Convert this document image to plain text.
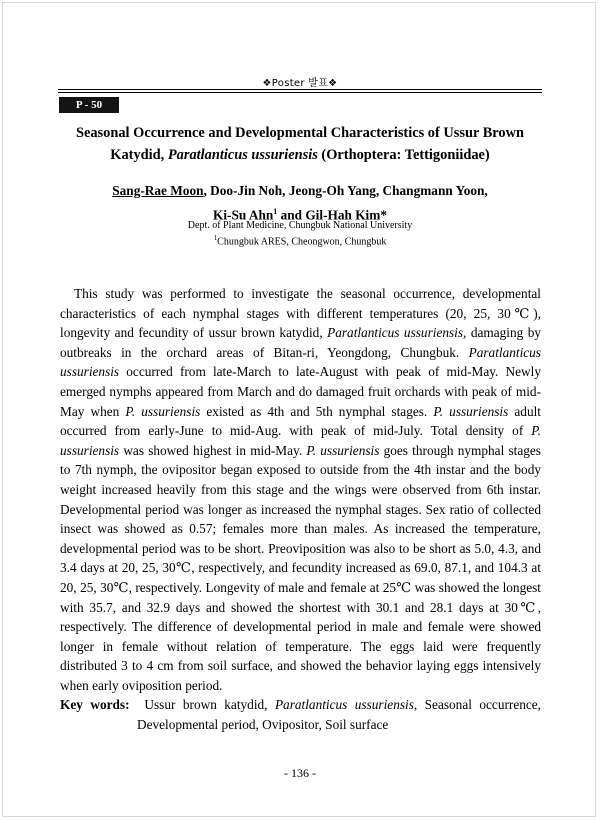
❖Poster 발표❖
P - 50
Seasonal Occurrence and Developmental Characteristics of Ussur Brown
Katydid, Paratlanticus ussuriensis (Orthoptera: Tettigoniidae)
Sang-Rae Moon, Doo-Jin Noh, Jeong-Oh Yang, Changmann Yoon,
Ki-Su Ahn$^1$ and Gil-Hah Kim*
Dept. of Plant Medicine, Chungbuk National University
$^1$Chungbuk ARES, Cheongwon, Chungbuk

This study was performed to investigate the seasonal occurrence, developmental characteristics of each nymphal stages with different temperatures (20, 25, 30℃), longevity and fecundity of ussur brown katydid, Paratlanticus ussuriensis, damaging by outbreaks in the orchard areas of Bitan-ri, Yeongdong, Chungbuk. Paratlanticus ussuriensis occurred from late-March to late-August with peak of mid-May. Newly emerged nymphs appeared from March and do damaged fruit orchards with peak of mid-May when P. ussuriensis existed as 4th and 5th nymphal stages. P. ussuriensis adult occurred from early-June to mid-Aug. with peak of mid-July. Total density of P. ussuriensis was showed highest in mid-May. P. ussuriensis goes through nymphal stages to 7th nymph, the ovipositor began exposed to outside from the 4th instar and the body weight increased heavily from this stage and the wings were observed from 6th instar. Developmental period was longer as increased the nymphal stages. Sex ratio of collected insect was showed as 0.57; females more than males. As increased the temperature, developmental period was to be short. Preoviposition was also to be short as 5.0, 4.3, and 3.4 days at 20, 25, 30℃, respectively, and fecundity increased as 69.0, 87.1, and 104.3 at 20, 25, 30℃, respectively. Longevity of male and female at 25℃ was showed the longest with 35.7, and 32.9 days and showed the shortest with 30.1 and 28.1 days at 30℃, respectively. The difference of developmental period in male and female were showed longer in female without relation of temperature. The eggs laid were frequently distributed 3 to 4 cm from soil surface, and showed the behavior laying eggs intensively when early oviposition period.

Key words: Ussur brown katydid, Paratlanticus ussuriensis, Seasonal occurrence,
Developmental period, Ovipositor, Soil surface
- 136 -
